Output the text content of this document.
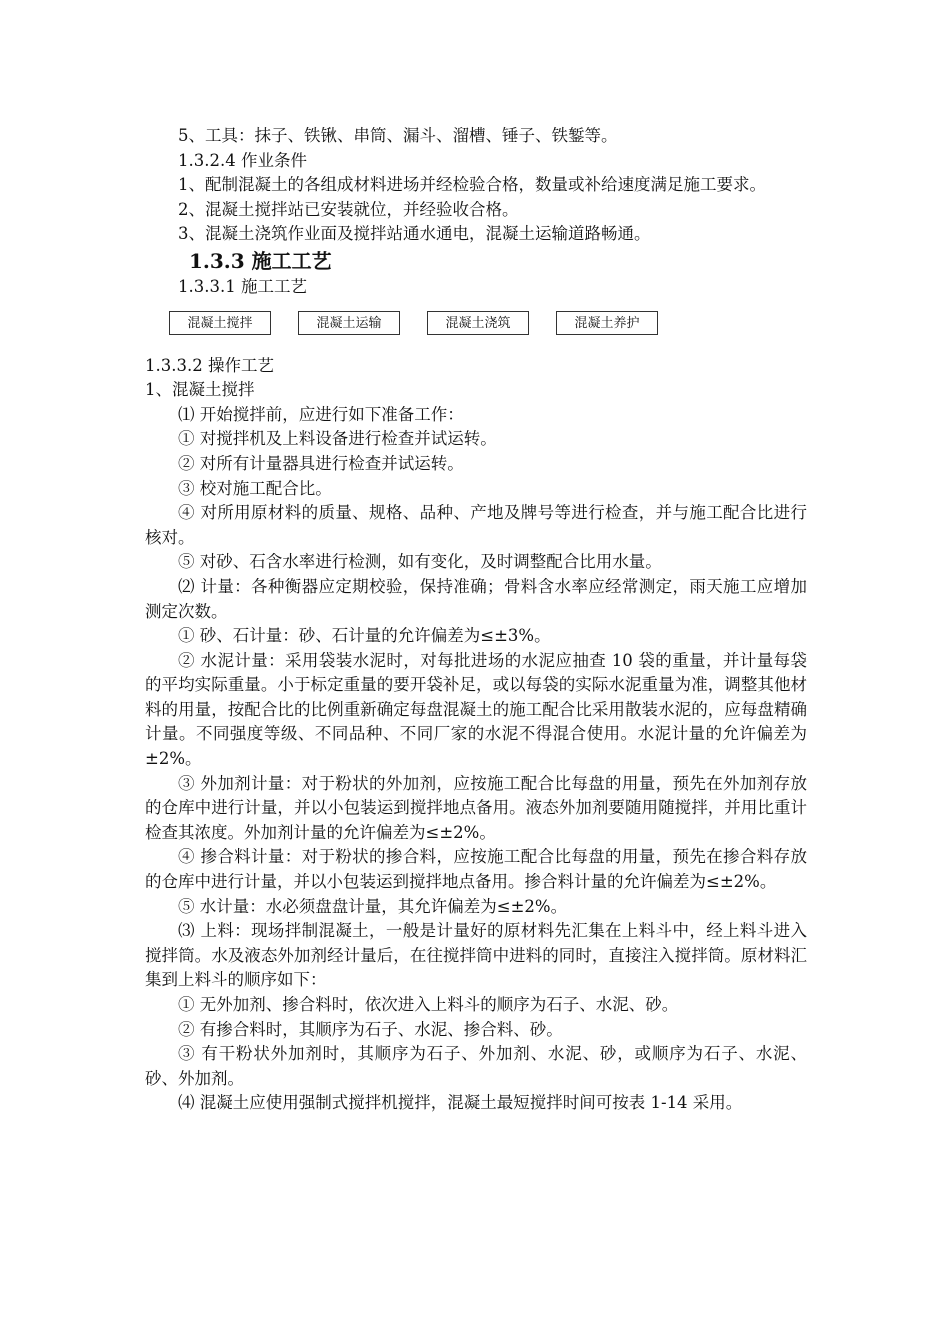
5、工具：抹子、铁锹、串筒、漏斗、溜槽、锤子、铁錾等。

1.3.2.4 作业条件

1、配制混凝土的各组成材料进场并经检验合格，数量或补给速度满足施工要求。

2、混凝土搅拌站已安装就位，并经验收合格。

3、混凝土浇筑作业面及搅拌站通水通电，混凝土运输道路畅通。

1.3.3 施工工艺

1.3.3.1 施工工艺

混凝土搅拌	混凝土运输	混凝土浇筑	混凝土养护

1.3.3.2 操作工艺

1、混凝土搅拌

⑴ 开始搅拌前，应进行如下准备工作：

① 对搅拌机及上料设备进行检查并试运转。

② 对所有计量器具进行检查并试运转。

③ 校对施工配合比。

④ 对所用原材料的质量、规格、品种、产地及牌号等进行检查，并与施工配合比进行核对。

⑤ 对砂、石含水率进行检测，如有变化，及时调整配合比用水量。

⑵ 计量：各种衡器应定期校验，保持准确；骨料含水率应经常测定，雨天施工应增加测定次数。

① 砂、石计量：砂、石计量的允许偏差为≤±3%。

② 水泥计量：采用袋装水泥时，对每批进场的水泥应抽查 10 袋的重量，并计量每袋的平均实际重量。小于标定重量的要开袋补足，或以每袋的实际水泥重量为准，调整其他材料的用量，按配合比的比例重新确定每盘混凝土的施工配合比采用散装水泥的，应每盘精确计量。不同强度等级、不同品种、不同厂家的水泥不得混合使用。水泥计量的允许偏差为±2%。

③ 外加剂计量：对于粉状的外加剂，应按施工配合比每盘的用量，预先在外加剂存放的仓库中进行计量，并以小包装运到搅拌地点备用。液态外加剂要随用随搅拌，并用比重计检查其浓度。外加剂计量的允许偏差为≤±2%。

④ 掺合料计量：对于粉状的掺合料，应按施工配合比每盘的用量，预先在掺合料存放的仓库中进行计量，并以小包装运到搅拌地点备用。掺合料计量的允许偏差为≤±2%。

⑤ 水计量：水必须盘盘计量，其允许偏差为≤±2%。

⑶ 上料：现场拌制混凝土，一般是计量好的原材料先汇集在上料斗中，经上料斗进入搅拌筒。水及液态外加剂经计量后，在往搅拌筒中进料的同时，直接注入搅拌筒。原材料汇集到上料斗的顺序如下：

① 无外加剂、掺合料时，依次进入上料斗的顺序为石子、水泥、砂。

② 有掺合料时，其顺序为石子、水泥、掺合料、砂。

③ 有干粉状外加剂时，其顺序为石子、外加剂、水泥、砂，或顺序为石子、水泥、砂、外加剂。

⑷ 混凝土应使用强制式搅拌机搅拌，混凝土最短搅拌时间可按表 1-14 采用。
